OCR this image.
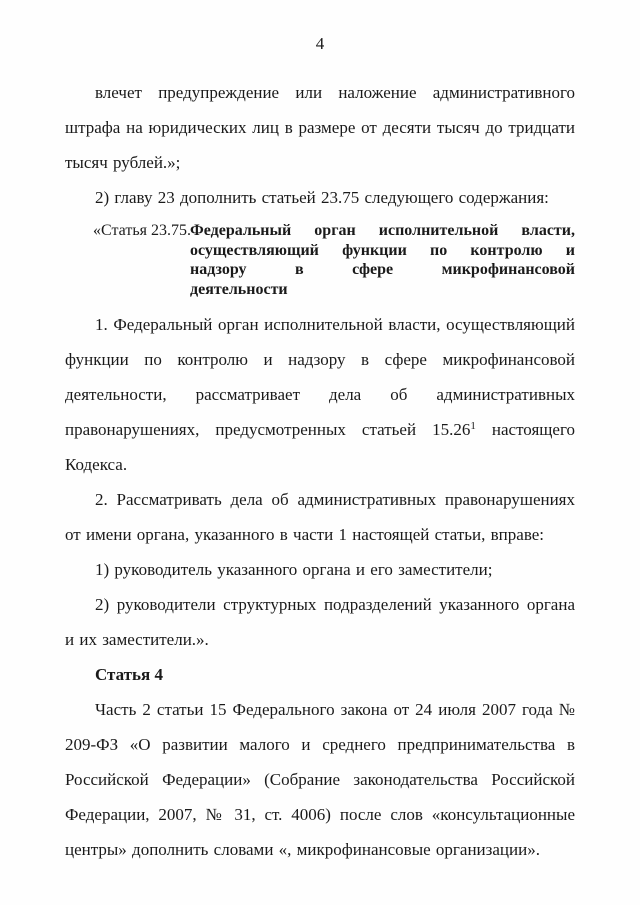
4

влечет предупреждение или наложение административного штрафа на юридических лиц в размере от десяти тысяч до тридцати тысяч рублей.»;

2) главу 23 дополнить статьей 23.75 следующего содержания:

«Статья 23.75. Федеральный орган исполнительной власти,
осуществляющий функции по контролю и
надзору в сфере микрофинансовой
деятельности

1. Федеральный орган исполнительной власти, осуществляющий функции по контролю и надзору в сфере микрофинансовой деятельности, рассматривает дела об административных правонарушениях, предусмотренных статьей 15.26$^1$ настоящего Кодекса.

2. Рассматривать дела об административных правонарушениях от имени органа, указанного в части 1 настоящей статьи, вправе:

1) руководитель указанного органа и его заместители;

2) руководители структурных подразделений указанного органа и их заместители.».

Статья 4

Часть 2 статьи 15 Федерального закона от 24 июля 2007 года № 209-ФЗ «О развитии малого и среднего предпринимательства в Российской Федерации» (Собрание законодательства Российской Федерации, 2007, № 31, ст. 4006) после слов «консультационные центры» дополнить словами «, микрофинансовые организации».
